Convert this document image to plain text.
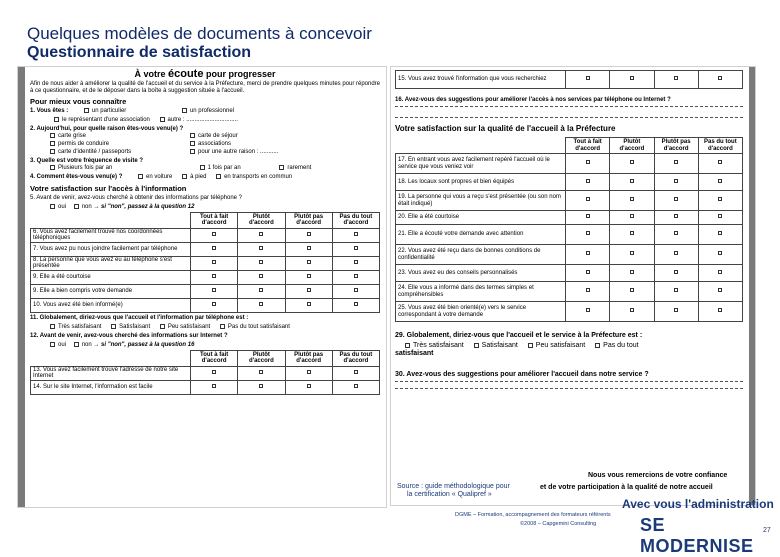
Quelques modèles de documents à concevoir
Questionnaire de satisfaction
À votre écoute pour progresser
Afin de nous aider à améliorer la qualité de l'accueil et du service à la Préfecture, merci de prendre quelques minutes pour répondre à ce questionnaire, et de le déposer dans la boîte à suggestion située à l'accueil.
Pour mieux vous connaître
1. Vous êtes :	un particulier	un professionnel
le représentant d'une association	autre : ...............................
2. Aujourd'hui, pour quelle raison êtes-vous venu(e) ?
carte grise	carte de séjour
permis de conduire	associations
carte d'identité / passeports	pour une autre raison : ...........
3. Quelle est votre fréquence de visite ?
Plusieurs fois par an	1 fois par an	rarement
4. Comment êtes-vous venu(e) ?	en voiture	à pied	en transports en commun
Votre satisfaction sur l'accès à l'information
5. Avant de venir, avez-vous cherché à obtenir des informations par téléphone ?
oui	non → si "non", passez à la question 12
	Tout à fait d'accord	Plutôt d'accord	Plutôt pas d'accord	Pas du tout d'accord
6. Vous avez facilement trouvé nos coordonnées téléphoniques				
7. Vous avez pu nous joindre facilement par téléphone				
8. La personne que vous avez eu au téléphone s'est présentée				
9. Elle a été courtoise				
9. Elle a bien compris votre demande				
10. Vous avez été bien informé(e)				
11. Globalement, diriez-vous que l'accueil et l'information par téléphone est :
Très satisfaisant	Satisfaisant	Peu satisfaisant	Pas du tout satisfaisant
12. Avant de venir, avez-vous cherché des informations sur Internet ?
oui	non → si "non", passez à la question 16
	Tout à fait d'accord	Plutôt d'accord	Plutôt pas d'accord	Pas du tout d'accord
13. Vous avez facilement trouvé l'adresse de notre site Internet				
14. Sur le site Internet, l'information est facile				
15. Vous avez trouvé l'information que vous recherchiez				
16. Avez-vous des suggestions pour améliorer l'accès à nos services par téléphone ou Internet ?
Votre satisfaction sur la qualité de l'accueil à la Préfecture
	Tout à fait d'accord	Plutôt d'accord	Plutôt pas d'accord	Pas du tout d'accord
17. En entrant vous avez facilement repéré l'accueil où le service que vous veniez voir				
18. Les locaux sont propres et bien équipés				
19. La personne qui vous a reçu s'est présentée (ou son nom était indiqué)				
20. Elle a été courtoise				
21. Elle a écouté votre demande avec attention				
22. Vous avez été reçu dans de bonnes conditions de confidentialité				
23. Vous avez eu des conseils personnalisés				
24. Elle vous a informé dans des termes simples et compréhensibles				
25. Vous avez été bien orienté(e) vers le service correspondant à votre demande				
29. Globalement, diriez-vous que l'accueil et le service à la Préfecture est :
Très satisfaisant	Satisfaisant	Peu satisfaisant	Pas du tout
satisfaisant
30. Avez-vous des suggestions pour améliorer l'accueil dans notre service ?
Nous vous remercions de votre confiance
et de votre participation à la qualité de notre accueil
Source : guide méthodologique pour
la certification « Qualipref »
Avec vous l'administration
SE MODERNISE
DGME – Formation, accompagnement des formateurs référents
©2008 – Capgemini Consulting
27
